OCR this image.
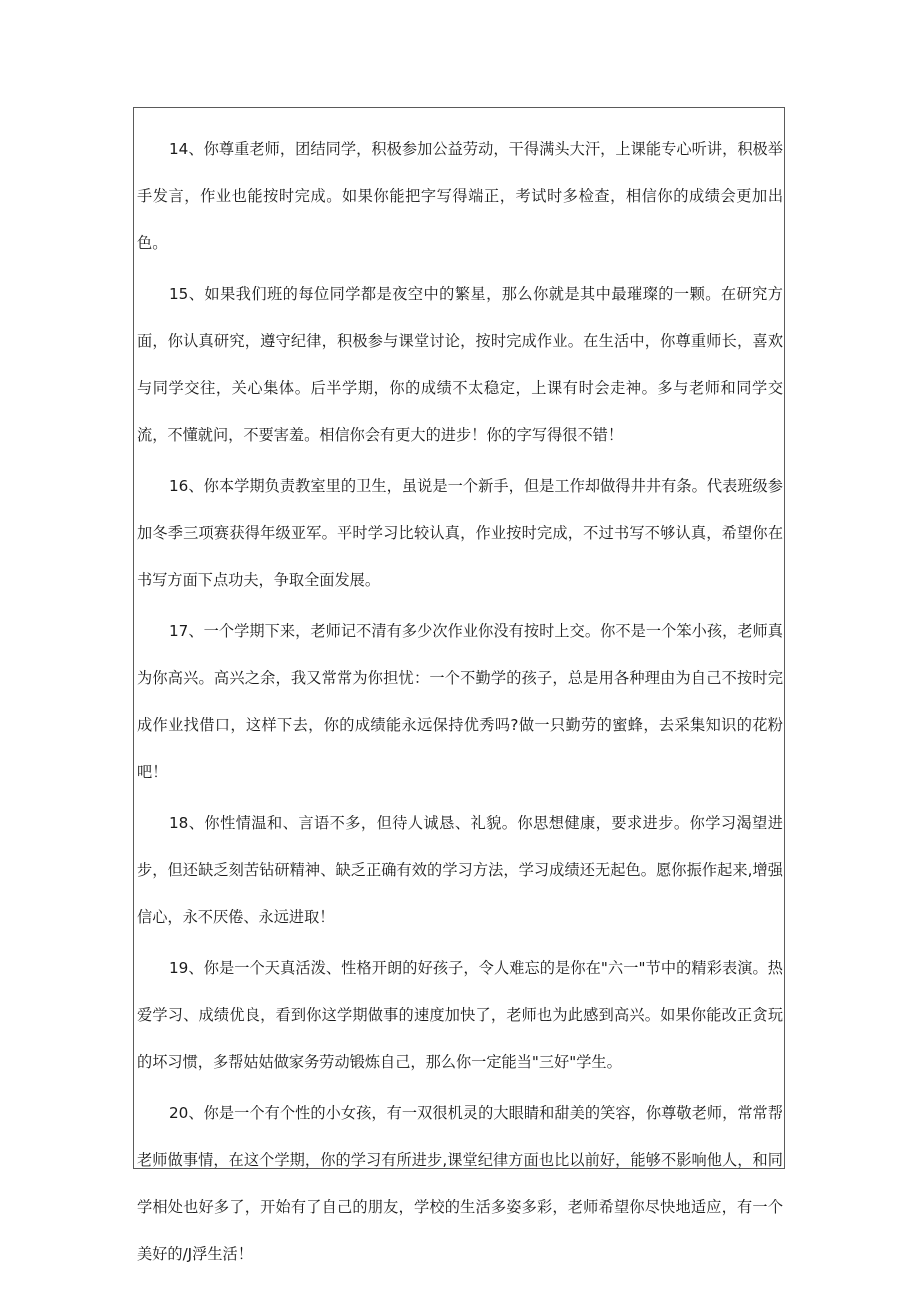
14、你尊重老师，团结同学，积极参加公益劳动，干得满头大汗，上课能专心听讲，积极举手发言，作业也能按时完成。如果你能把字写得端正，考试时多检查，相信你的成绩会更加出色。

15、如果我们班的每位同学都是夜空中的繁星，那么你就是其中最璀璨的一颗。在研究方面，你认真研究，遵守纪律，积极参与课堂讨论，按时完成作业。在生活中，你尊重师长，喜欢与同学交往，关心集体。后半学期，你的成绩不太稳定，上课有时会走神。多与老师和同学交流，不懂就问，不要害羞。相信你会有更大的进步！你的字写得很不错！

16、你本学期负责教室里的卫生，虽说是一个新手，但是工作却做得井井有条。代表班级参加冬季三项赛获得年级亚军。平时学习比较认真，作业按时完成，不过书写不够认真，希望你在书写方面下点功夫，争取全面发展。

17、一个学期下来，老师记不清有多少次作业你没有按时上交。你不是一个笨小孩，老师真为你高兴。高兴之余，我又常常为你担忧：一个不勤学的孩子，总是用各种理由为自己不按时完成作业找借口，这样下去，你的成绩能永远保持优秀吗?做一只勤劳的蜜蜂，去采集知识的花粉吧！

18、你性情温和、言语不多，但待人诚恳、礼貌。你思想健康，要求进步。你学习渴望进步，但还缺乏刻苦钻研精神、缺乏正确有效的学习方法，学习成绩还无起色。愿你振作起来,增强信心，永不厌倦、永远进取！

19、你是一个天真活泼、性格开朗的好孩子，令人难忘的是你在"六一"节中的精彩表演。热爱学习、成绩优良，看到你这学期做事的速度加快了，老师也为此感到高兴。如果你能改正贪玩的坏习惯，多帮姑姑做家务劳动锻炼自己，那么你一定能当"三好"学生。

20、你是一个有个性的小女孩，有一双很机灵的大眼睛和甜美的笑容，你尊敬老师，常常帮老师做事情，在这个学期，你的学习有所进步,课堂纪律方面也比以前好，能够不影响他人，和同学相处也好多了，开始有了自己的朋友，学校的生活多姿多彩，老师希望你尽快地适应，有一个美好的/J浮生活！
